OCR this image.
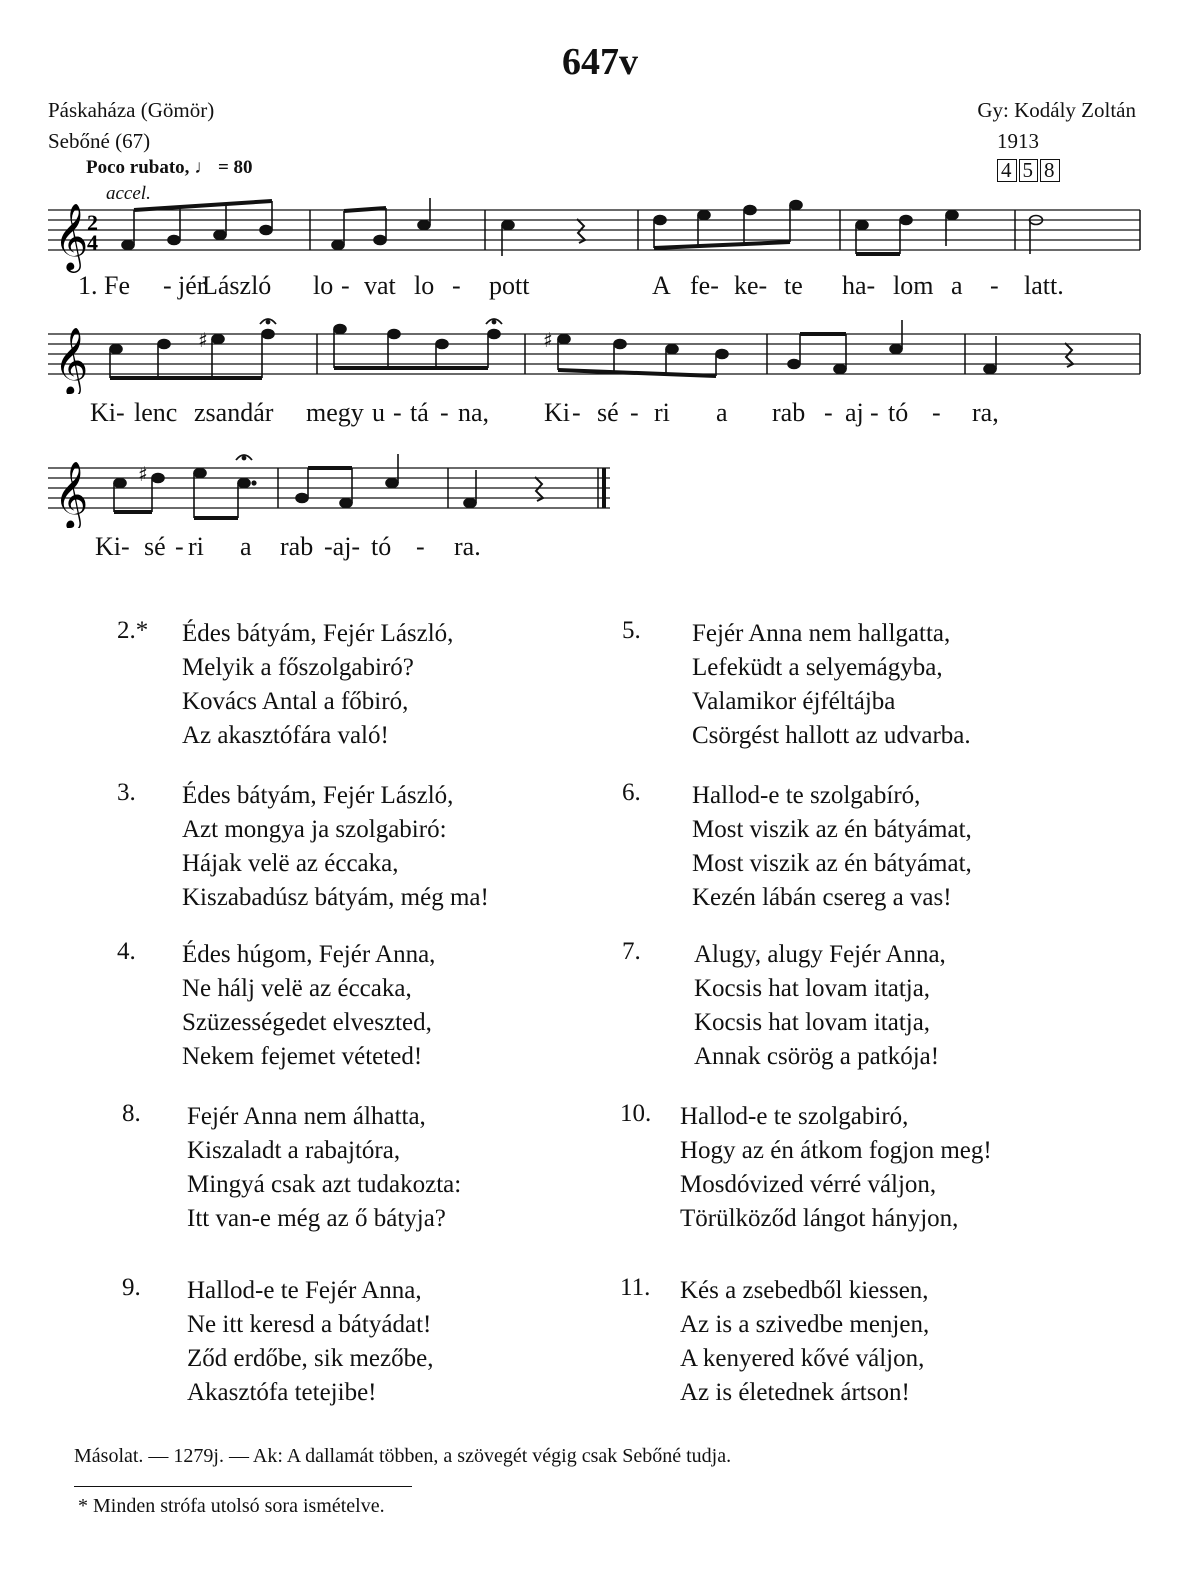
647v
Páskaháza (Gömör)
Sebőné (67)
Gy: Kodály Zoltán
1913
4 5 8
Poco rubato, ♩ = 80
accel.
𝄞
2
4
1. Fe - jér
László lo - vat lo - pott	A fe- ke- te ha- lom a - latt.
𝄞	♯	♯
Ki- lenc zsandár megy u - tá - na, Ki - sé - ri a rab - aj - tó - ra,
𝄞 ♯
Ki- sé - ri a rab -aj- tó - ra.
2.* Édes bátyám, Fejér László,
Melyik a főszolgabiró?
Kovács Antal a főbiró,
Az akasztófára való!
5. Fejér Anna nem hallgatta,
Lefeküdt a selyemágyba,
Valamikor éjféltájba
Csörgést hallott az udvarba.
3. Édes bátyám, Fejér László,
Azt mongya ja szolgabiró:
Hájak velë az éccaka,
Kiszabadúsz bátyám, még ma!
6. Hallod-e te szolgabíró,
Most viszik az én bátyámat,
Most viszik az én bátyámat,
Kezén lábán csereg a vas!
4. Édes húgom, Fejér Anna,
Ne hálj velë az éccaka,
Szüzességedet elveszted,
Nekem fejemet véteted!
7. Alugy, alugy Fejér Anna,
Kocsis hat lovam itatja,
Kocsis hat lovam itatja,
Annak csörög a patkója!
8. Fejér Anna nem álhatta,
Kiszaladt a rabajtóra,
Mingyá csak azt tudakozta:
Itt van-e még az ő bátyja?
10. Hallod-e te szolgabiró,
Hogy az én átkom fogjon meg!
Mosdóvized vérré váljon,
Törülköződ lángot hányjon,
9. Hallod-e te Fejér Anna,
Ne itt keresd a bátyádat!
Ződ erdőbe, sik mezőbe,
Akasztófa tetejibe!
11. Kés a zsebedből kiessen,
Az is a szivedbe menjen,
A kenyered kővé váljon,
Az is életednek ártson!
Másolat. — 1279j. — Ak: A dallamát többen, a szövegét végig csak Sebőné tudja.
* Minden strófa utolsó sora ismételve.
